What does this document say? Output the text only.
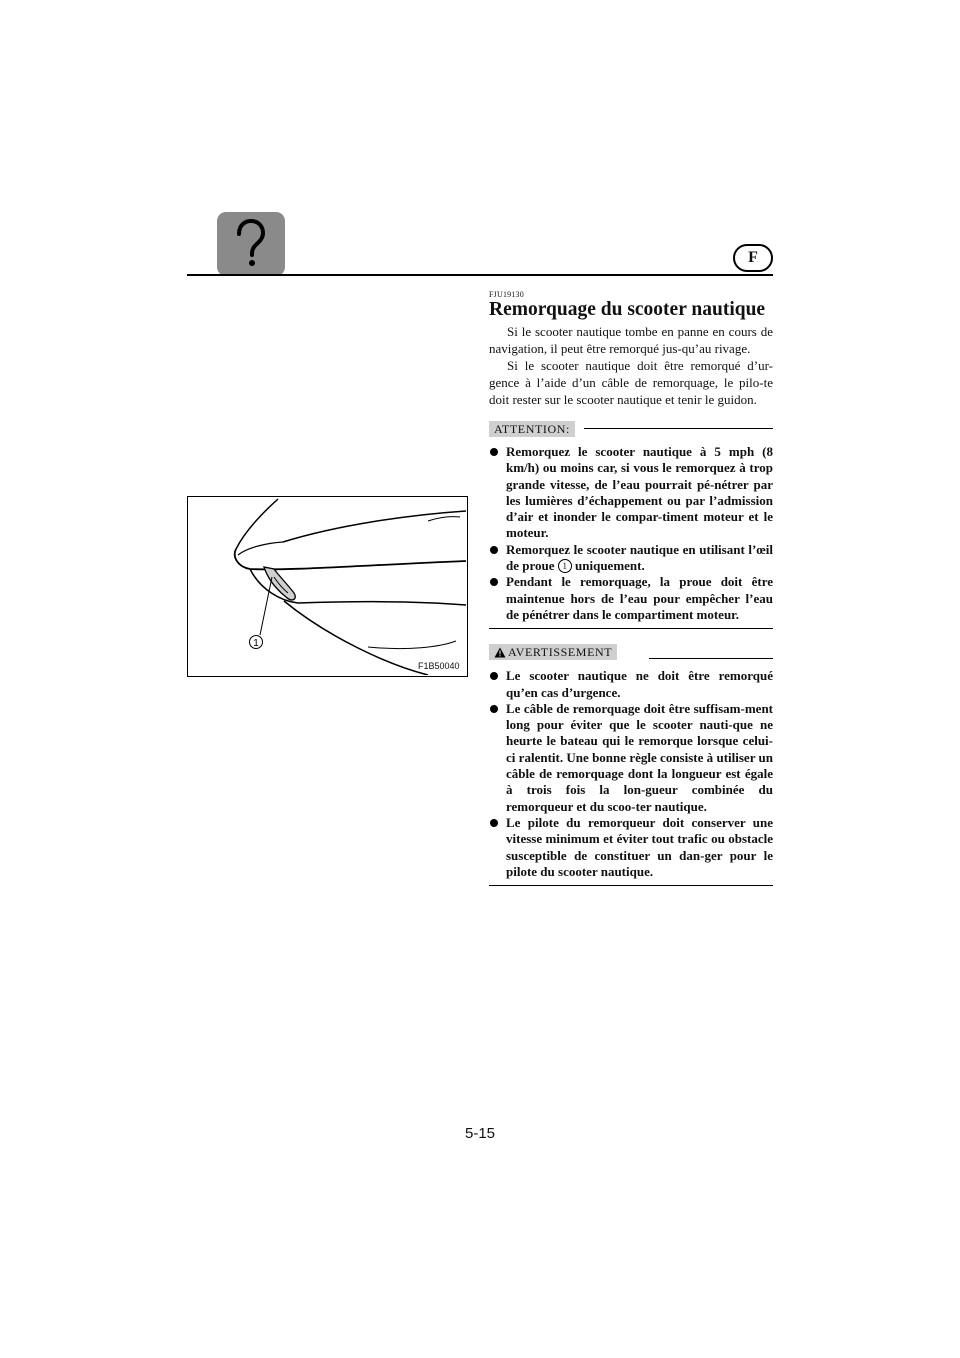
F
FJU19130
Remorquage du scooter nautique

Si le scooter nautique tombe en panne en cours de navigation, il peut être remorqué jus-qu’au rivage.

Si le scooter nautique doit être remorqué d’ur-gence à l’aide d’un câble de remorquage, le pilo-te doit rester sur le scooter nautique et tenir le guidon.

ATTENTION:
Remorquez le scooter nautique à 5 mph (8 km/h) ou moins car, si vous le remorquez à trop grande vitesse, de l’eau pourrait pé-nétrer par les lumières d’échappement ou par l’admission d’air et inonder le compar-timent moteur et le moteur.
Remorquez le scooter nautique en utilisant l’œil de proue 1 uniquement.
Pendant le remorquage, la proue doit être maintenue hors de l’eau pour empêcher l’eau de pénétrer dans le compartiment moteur.
AVERTISSEMENT
Le scooter nautique ne doit être remorqué qu’en cas d’urgence.
Le câble de remorquage doit être suffisam-ment long pour éviter que le scooter nauti-que ne heurte le bateau qui le remorque lorsque celui-ci ralentit. Une bonne règle consiste à utiliser un câble de remorquage dont la longueur est égale à trois fois la lon-gueur combinée du remorqueur et du scoo-ter nautique.
Le pilote du remorqueur doit conserver une vitesse minimum et éviter tout trafic ou obstacle susceptible de constituer un dan-ger pour le pilote du scooter nautique.
1
F1B50040
5-15
